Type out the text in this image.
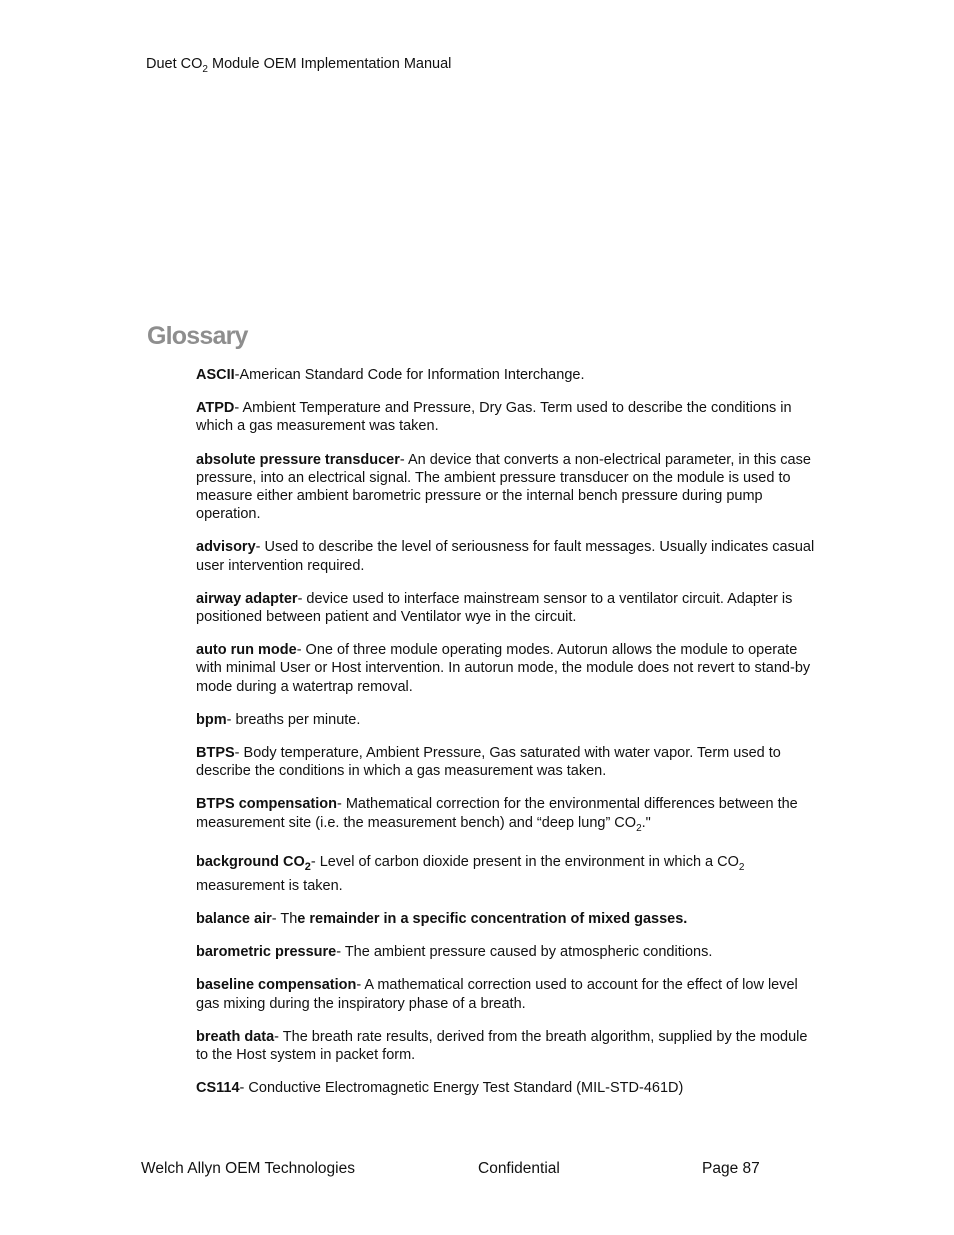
Duet $CO_2$ Module OEM Implementation Manual
Glossary

ASCII-American Standard Code for Information Interchange.

ATPD- Ambient Temperature and Pressure, Dry Gas. Term used to describe the conditions in which a gas measurement was taken.

absolute pressure transducer- An device that converts a non-electrical parameter, in this case pressure, into an electrical signal. The ambient pressure transducer on the module is used to measure either ambient barometric pressure or the internal bench pressure during pump operation.

advisory- Used to describe the level of seriousness for fault messages. Usually indicates casual user intervention required.

airway adapter- device used to interface mainstream sensor to a ventilator circuit. Adapter is positioned between patient and Ventilator wye in the circuit.

auto run mode- One of three module operating modes. Autorun allows the module to operate with minimal User or Host intervention. In autorun mode, the module does not revert to stand-by mode during a watertrap removal.

bpm- breaths per minute.

BTPS- Body temperature, Ambient Pressure, Gas saturated with water vapor. Term used to describe the conditions in which a gas measurement was taken.

BTPS compensation- Mathematical correction for the environmental differences between the measurement site (i.e. the measurement bench) and “deep lung” $CO_2$."

background $CO_2-$ Level of carbon dioxide present in the environment in which a $CO_2$ measurement is taken.

balance air- The remainder in a specific concentration of mixed gasses.

barometric pressure- The ambient pressure caused by atmospheric conditions.

baseline compensation- A mathematical correction used to account for the effect of low level gas mixing during the inspiratory phase of a breath.

breath data- The breath rate results, derived from the breath algorithm, supplied by the module to the Host system in packet form.

CS114- Conductive Electromagnetic Energy Test Standard (MIL-STD-461D)

Welch Allyn OEM Technologies	Confidential	Page 87
